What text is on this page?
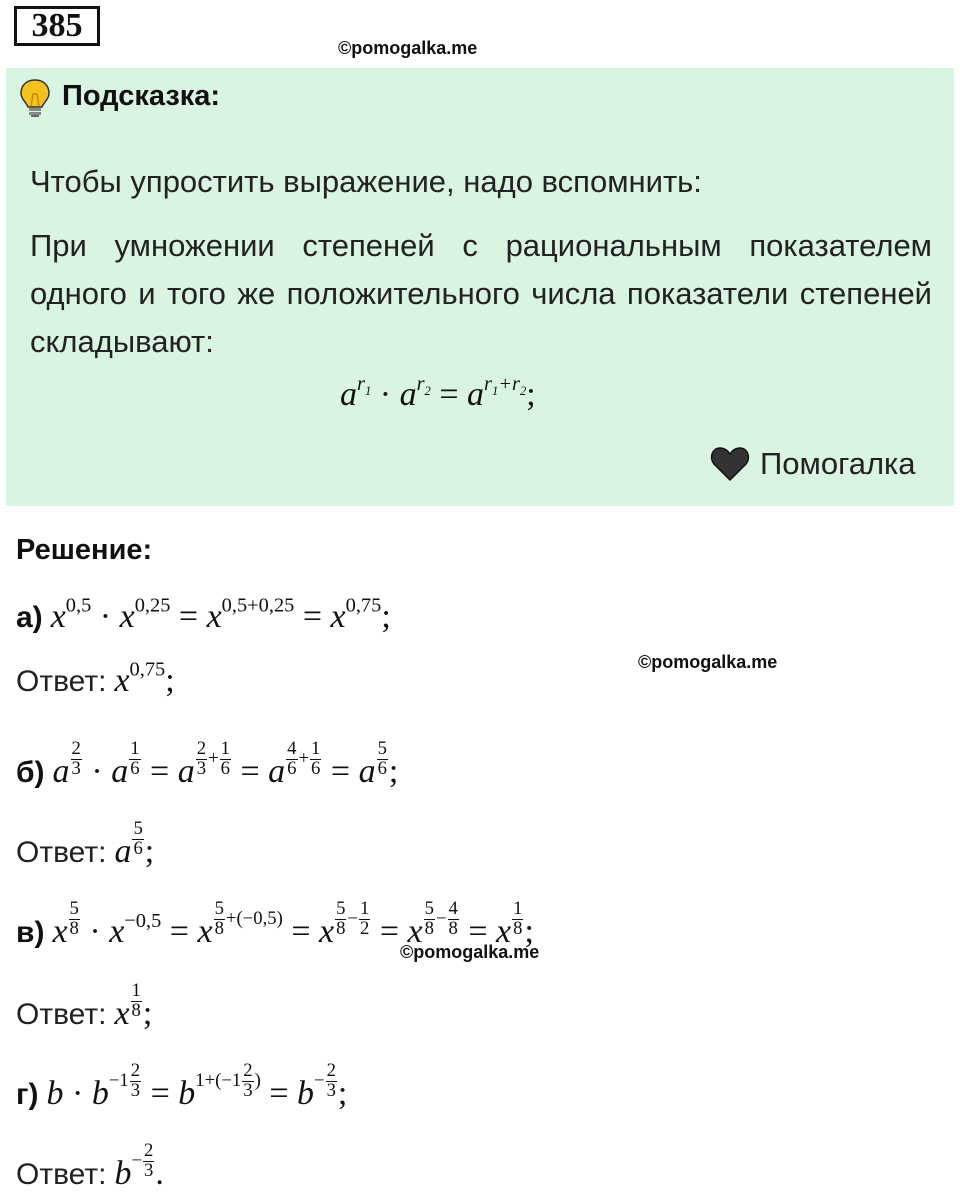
385
©pomogalka.me
Подсказка:
Чтобы упростить выражение, надо вспомнить:
При умножении степеней с рациональным показателем одного и того же положительного числа показатели степеней складывают:
$a^{r_1} \cdot a^{r_2} = a^{r_1+r_2}$;
Помогалка
Решение:
а) $x^{0,5} \cdot x^{0,25} = x^{0,5+0,25} = x^{0,75}$;
Ответ: $x^{0,75}$;	©pomogalka.me
б) a $^{\frac{2}{3}}$ · a $^{\frac{1}{6}}$ = a $^{\frac{2}{3} + \frac{1}{6}}$ = a $^{\frac{4}{6} + \frac{1}{6}}$ = a $^{\frac{5}{6}}$ ;
Ответ: a $^{\frac{5}{6}}$ ;
в) x $^{\frac{5}{8}} \cdot x^{-0,5} = x$ $^{\frac{5}{8} +(-0,5)}$ = x $^{\frac{5}{8} - \frac{1}{2}}$ = x $^{\frac{5}{8} - \frac{4}{8}}$ = x $^{\frac{1}{8}}$ ;
©pomogalka.me
Ответ: x $^{\frac{1}{8}}$ ;
г) $b \cdot b^{-1 \frac{2}{3}} = b^{1+(-1 \frac{2}{3} )} = b^{- \frac{2}{3}}$ ;
Ответ: $b^{- \frac{2}{3}}$ .
